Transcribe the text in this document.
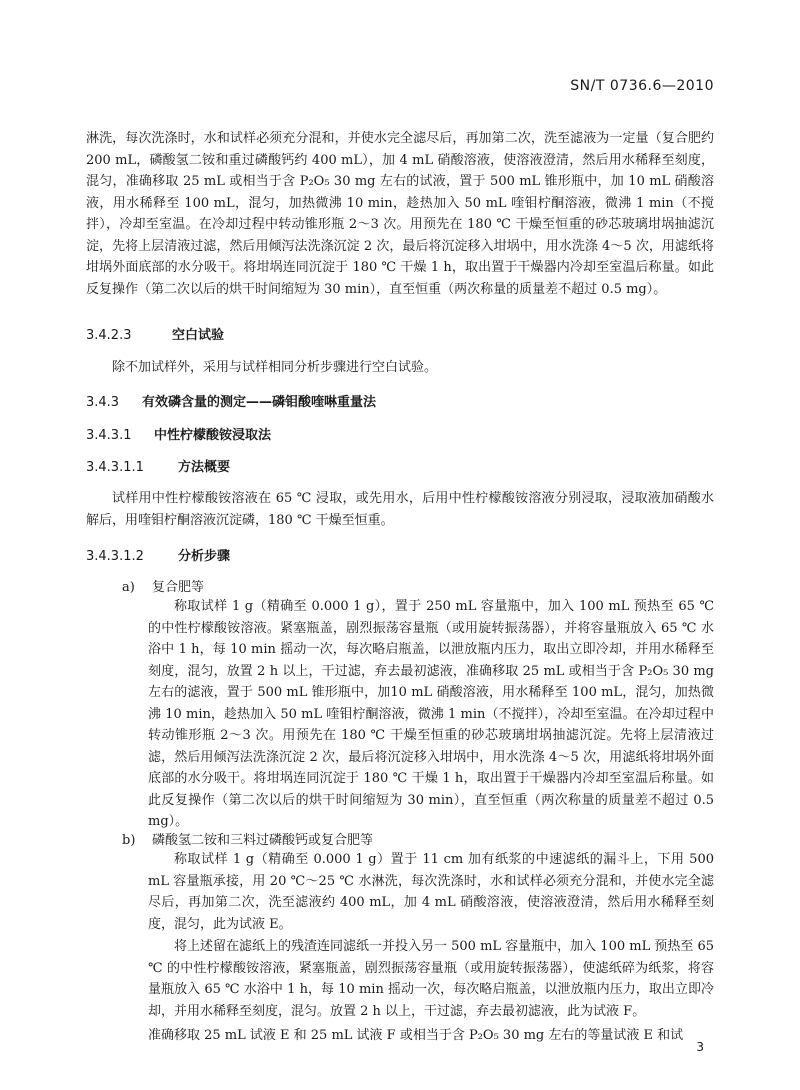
SN/T 0736.6—2010

淋洗，每次洗涤时，水和试样必须充分混和，并使水完全滤尽后，再加第二次，洗至滤液为一定量（复合肥约 200 mL，磷酸氢二铵和重过磷酸钙约 400 mL），加 4 mL 硝酸溶液，使溶液澄清，然后用水稀释至刻度，混匀，准确移取 25 mL 或相当于含 P₂O₅ 30 mg 左右的试液，置于 500 mL 锥形瓶中，加 10 mL 硝酸溶液，用水稀释至 100 mL，混匀，加热微沸 10 min，趁热加入 50 mL 喹钼柠酮溶液，微沸 1 min（不搅拌），冷却至室温。在冷却过程中转动锥形瓶 2～3 次。用预先在 180 ℃ 干燥至恒重的砂芯玻璃坩埚抽滤沉淀，先将上层清液过滤，然后用倾泻法洗涤沉淀 2 次，最后将沉淀移入坩埚中，用水洗涤 4～5 次，用滤纸将坩埚外面底部的水分吸干。将坩埚连同沉淀于 180 ℃ 干燥 1 h，取出置于干燥器内冷却至室温后称量。如此反复操作（第二次以后的烘干时间缩短为 30 min），直至恒重（两次称量的质量差不超过 0.5 mg）。

3.4.2.3	空白试验

除不加试样外，采用与试样相同分析步骤进行空白试验。

3.4.3 有效磷含量的测定——磷钼酸喹啉重量法
3.4.3.1 中性柠檬酸铵浸取法
3.4.3.1.1	方法概要

试样用中性柠檬酸铵溶液在 65 ℃ 浸取，或先用水，后用中性柠檬酸铵溶液分别浸取，浸取液加硝酸水解后，用喹钼柠酮溶液沉淀磷，180 ℃ 干燥至恒重。

3.4.3.1.2	分析步骤
a) 复合肥等

称取试样 1 g（精确至 0.000 1 g），置于 250 mL 容量瓶中，加入 100 mL 预热至 65 ℃ 的中性柠檬酸铵溶液。紧塞瓶盖，剧烈振荡容量瓶（或用旋转振荡器），并将容量瓶放入 65 ℃ 水浴中 1 h，每 10 min 摇动一次，每次略启瓶盖，以泄放瓶内压力，取出立即冷却，并用水稀释至刻度，混匀，放置 2 h 以上，干过滤，弃去最初滤液，准确移取 25 mL 或相当于含 P₂O₅ 30 mg 左右的滤液，置于 500 mL 锥形瓶中，加10 mL 硝酸溶液，用水稀释至 100 mL，混匀，加热微沸 10 min，趁热加入 50 mL 喹钼柠酮溶液，微沸 1 min（不搅拌），冷却至室温。在冷却过程中转动锥形瓶 2～3 次。用预先在 180 ℃ 干燥至恒重的砂芯玻璃坩埚抽滤沉淀。先将上层清液过滤，然后用倾泻法洗涤沉淀 2 次，最后将沉淀移入坩埚中，用水洗涤 4～5 次，用滤纸将坩埚外面底部的水分吸干。将坩埚连同沉淀于 180 ℃ 干燥 1 h，取出置于干燥器内冷却至室温后称量。如此反复操作（第二次以后的烘干时间缩短为 30 min），直至恒重（两次称量的质量差不超过 0.5 mg）。

b) 磷酸氢二铵和三料过磷酸钙或复合肥等

称取试样 1 g（精确至 0.000 1 g）置于 11 cm 加有纸浆的中速滤纸的漏斗上，下用 500 mL 容量瓶承接，用 20 ℃～25 ℃ 水淋洗，每次洗涤时，水和试样必须充分混和，并使水完全滤尽后，再加第二次，洗至滤液约 400 mL，加 4 mL 硝酸溶液，使溶液澄清，然后用水稀释至刻度，混匀，此为试液 E。

将上述留在滤纸上的残渣连同滤纸一并投入另一 500 mL 容量瓶中，加入 100 mL 预热至 65 ℃ 的中性柠檬酸铵溶液，紧塞瓶盖，剧烈振荡容量瓶（或用旋转振荡器），使滤纸碎为纸浆，将容量瓶放入 65 ℃ 水浴中 1 h，每 10 min 摇动一次，每次略启瓶盖，以泄放瓶内压力，取出立即冷却，并用水稀释至刻度，混匀。放置 2 h 以上，干过滤，弃去最初滤液，此为试液 F。

准确移取 25 mL 试液 E 和 25 mL 试液 F 或相当于含 P₂O₅ 30 mg 左右的等量试液 E 和试

3
